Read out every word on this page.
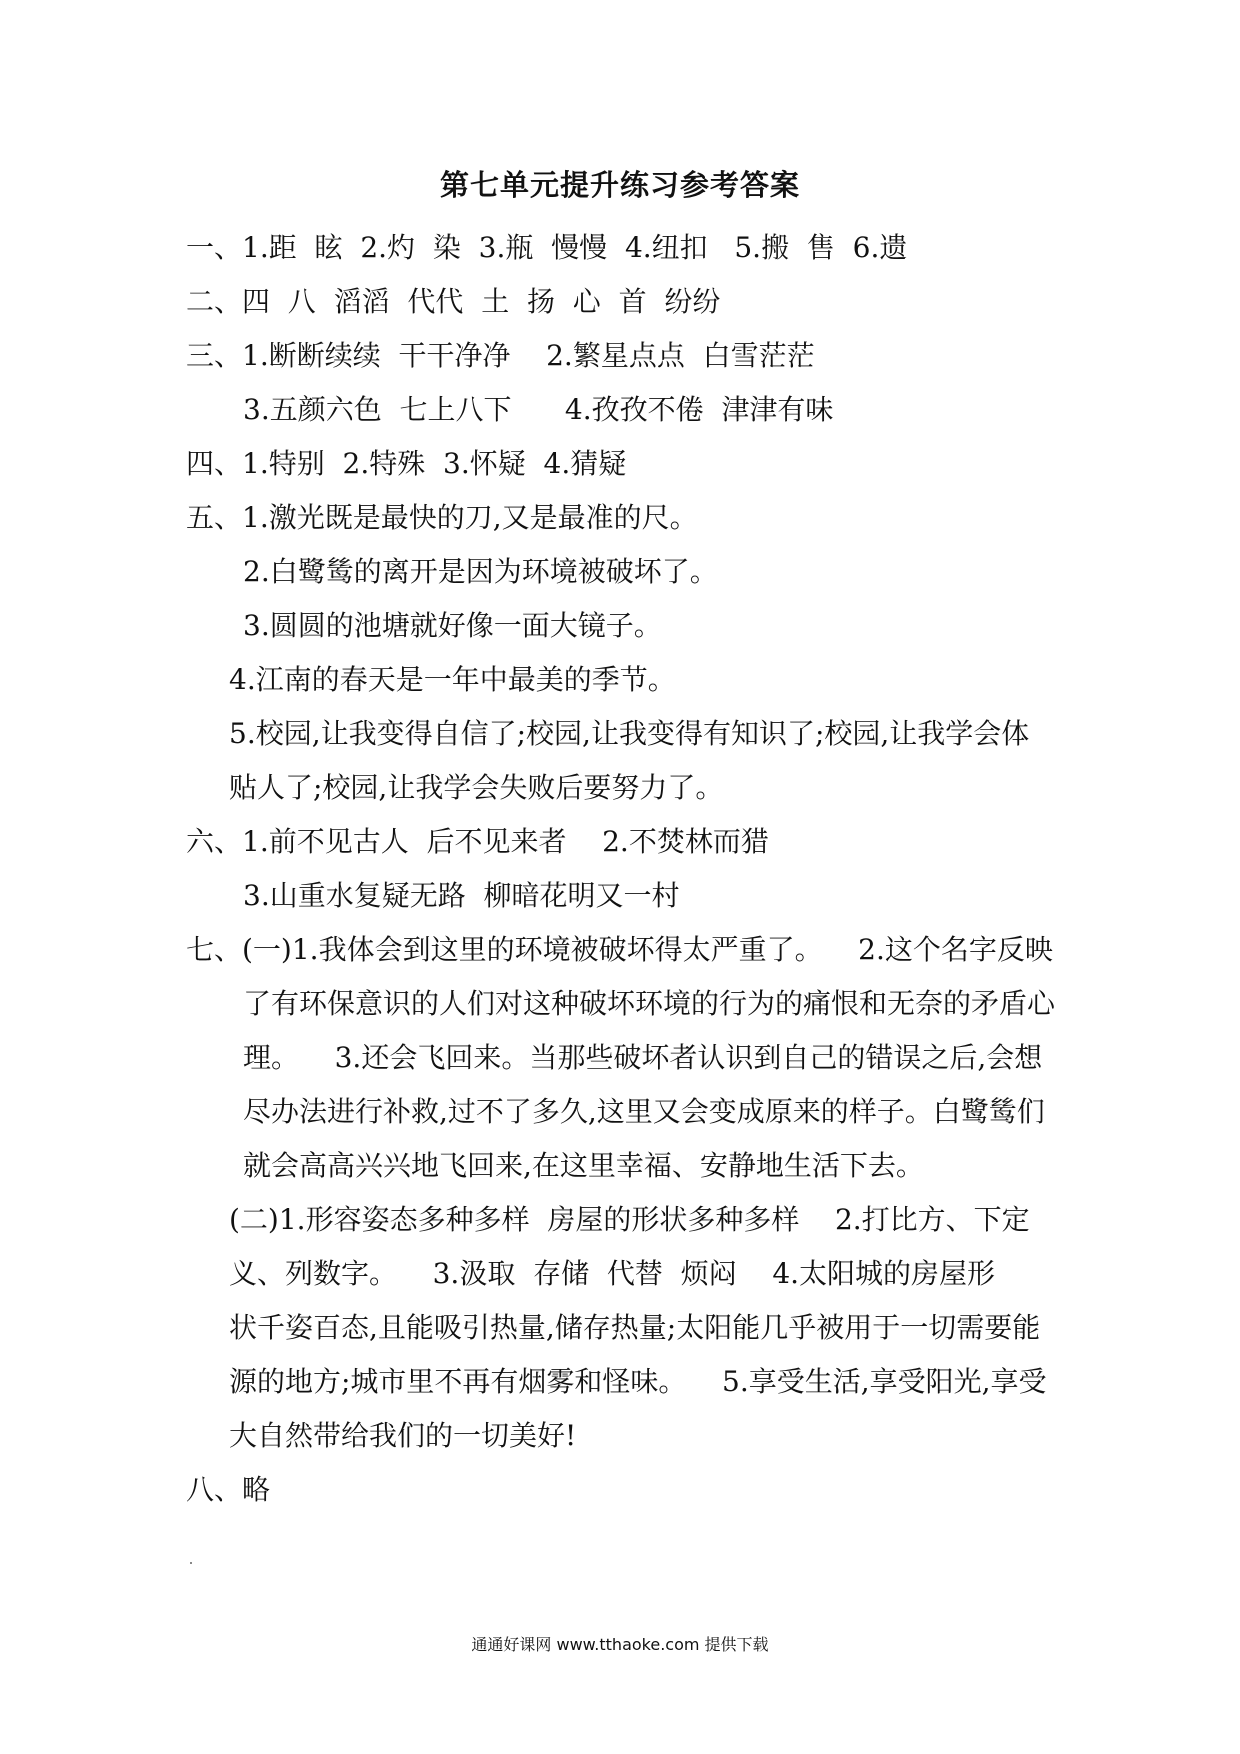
第七单元提升练习参考答案
一、1.距  眩  2.灼  染  3.瓶  慢慢  4.纽扣   5.搬  售  6.遗
二、四  八  滔滔  代代  土  扬  心  首  纷纷
三、1.断断续续  干干净净    2.繁星点点  白雪茫茫
3.五颜六色  七上八下      4.孜孜不倦  津津有味
四、1.特别  2.特殊  3.怀疑  4.猜疑
五、1.激光既是最快的刀,又是最准的尺。
2.白鹭鸶的离开是因为环境被破坏了。
3.圆圆的池塘就好像一面大镜子。
4.江南的春天是一年中最美的季节。
5.校园,让我变得自信了;校园,让我变得有知识了;校园,让我学会体
贴人了;校园,让我学会失败后要努力了。
六、1.前不见古人  后不见来者    2.不焚林而猎
3.山重水复疑无路  柳暗花明又一村
七、(一)1.我体会到这里的环境被破坏得太严重了。    2.这个名字反映
了有环保意识的人们对这种破坏环境的行为的痛恨和无奈的矛盾心
理。    3.还会飞回来。当那些破坏者认识到自己的错误之后,会想
尽办法进行补救,过不了多久,这里又会变成原来的样子。白鹭鸶们
就会高高兴兴地飞回来,在这里幸福、安静地生活下去。
(二)1.形容姿态多种多样  房屋的形状多种多样    2.打比方、下定
义、列数字。    3.汲取  存储  代替  烦闷    4.太阳城的房屋形
状千姿百态,且能吸引热量,储存热量;太阳能几乎被用于一切需要能
源的地方;城市里不再有烟雾和怪味。    5.享受生活,享受阳光,享受
大自然带给我们的一切美好!
八、略
通通好课网 www.tthaoke.com 提供下载
